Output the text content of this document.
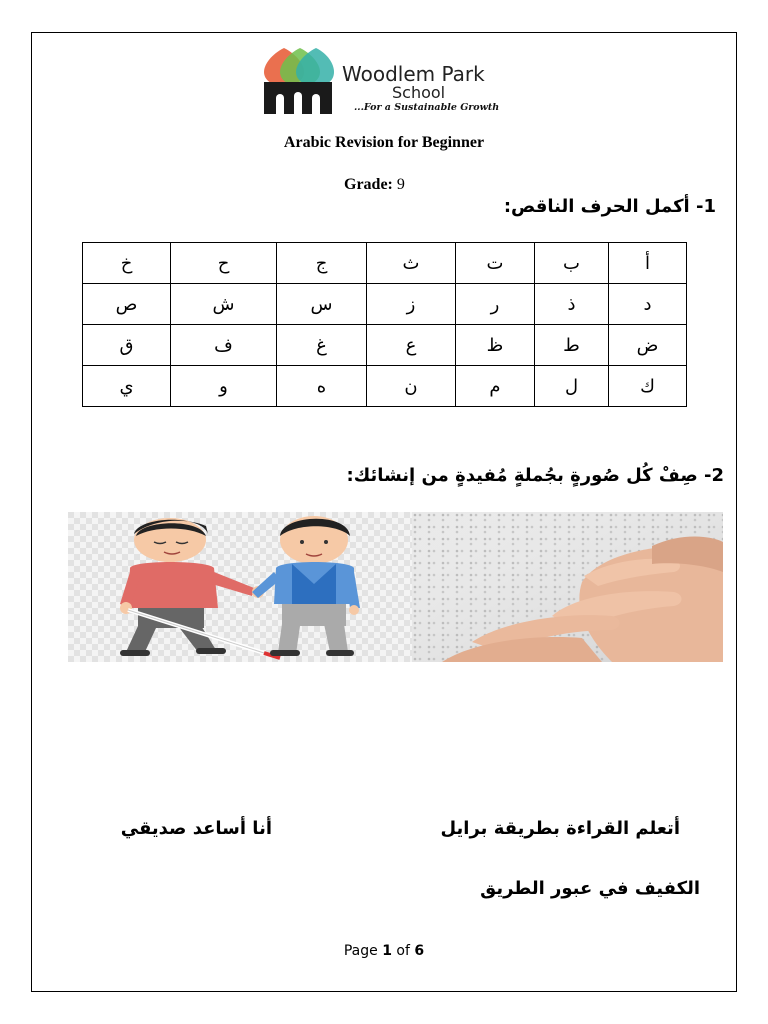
Woodlem Park
School
...For a Sustainable Growth
Arabic Revision for Beginner
Grade: 9
1- أكمل الحرف الناقص:
خ	ح	ج	ث	ت	ب	أ
ص	ش	س	ز	ر	ذ	د
ق	ف	غ	ع	ظ	ط	ض
ي	و	ه	ن	م	ل	ك
2- صِفْ كُل صُورةٍ بجُملةٍ مُفيدةٍ من إنشائك:
أتعلم القراءة بطريقة برايل
أنا أساعد صديقي
الكفيف في عبور الطريق
Page 1 of 6
